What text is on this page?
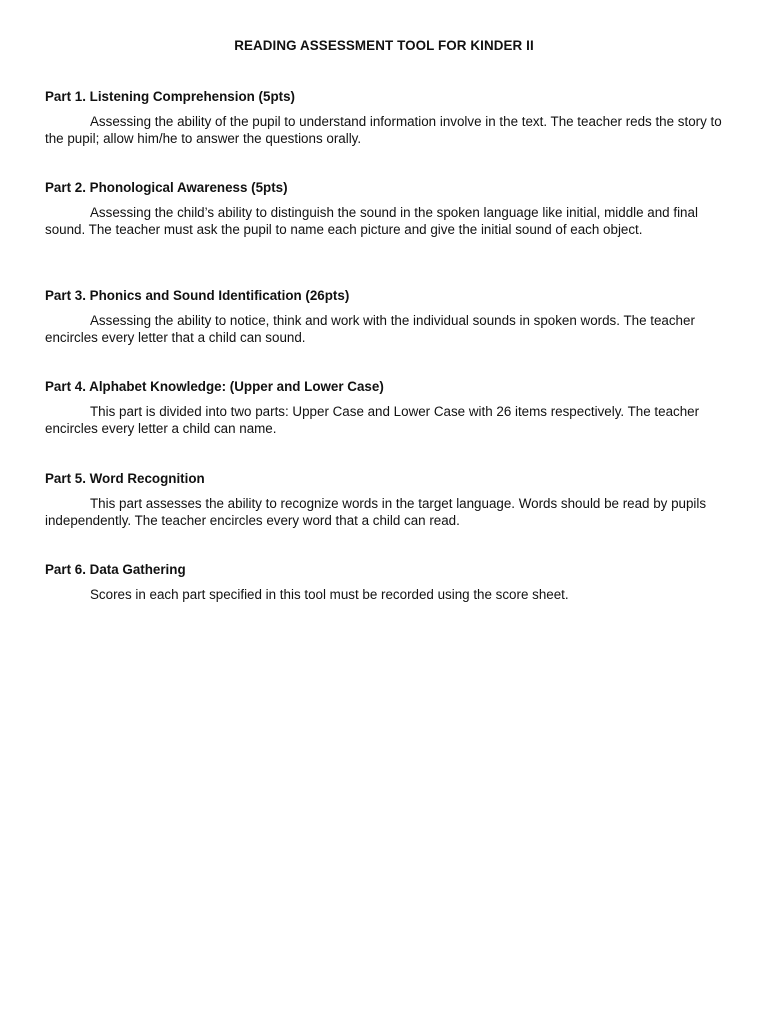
READING ASSESSMENT TOOL FOR KINDER II

Part 1. Listening Comprehension (5pts)

Assessing the ability of the pupil to understand information involve in the text. The teacher reds the story to the pupil; allow him/he to answer the questions orally.

Part 2. Phonological Awareness (5pts)

Assessing the child’s ability to distinguish the sound in the spoken language like initial, middle and final sound. The teacher must ask the pupil to name each picture and give the initial sound of each object.

Part 3. Phonics and Sound Identification (26pts)

Assessing the ability to notice, think and work with the individual sounds in spoken words. The teacher encircles every letter that a child can sound.

Part 4. Alphabet Knowledge: (Upper and Lower Case)

This part is divided into two parts: Upper Case and Lower Case with 26 items respectively. The teacher encircles every letter a child can name.

Part 5. Word Recognition

This part assesses the ability to recognize words in the target language. Words should be read by pupils independently. The teacher encircles every word that a child can read.

Part 6. Data Gathering

Scores in each part specified in this tool must be recorded using the score sheet.
